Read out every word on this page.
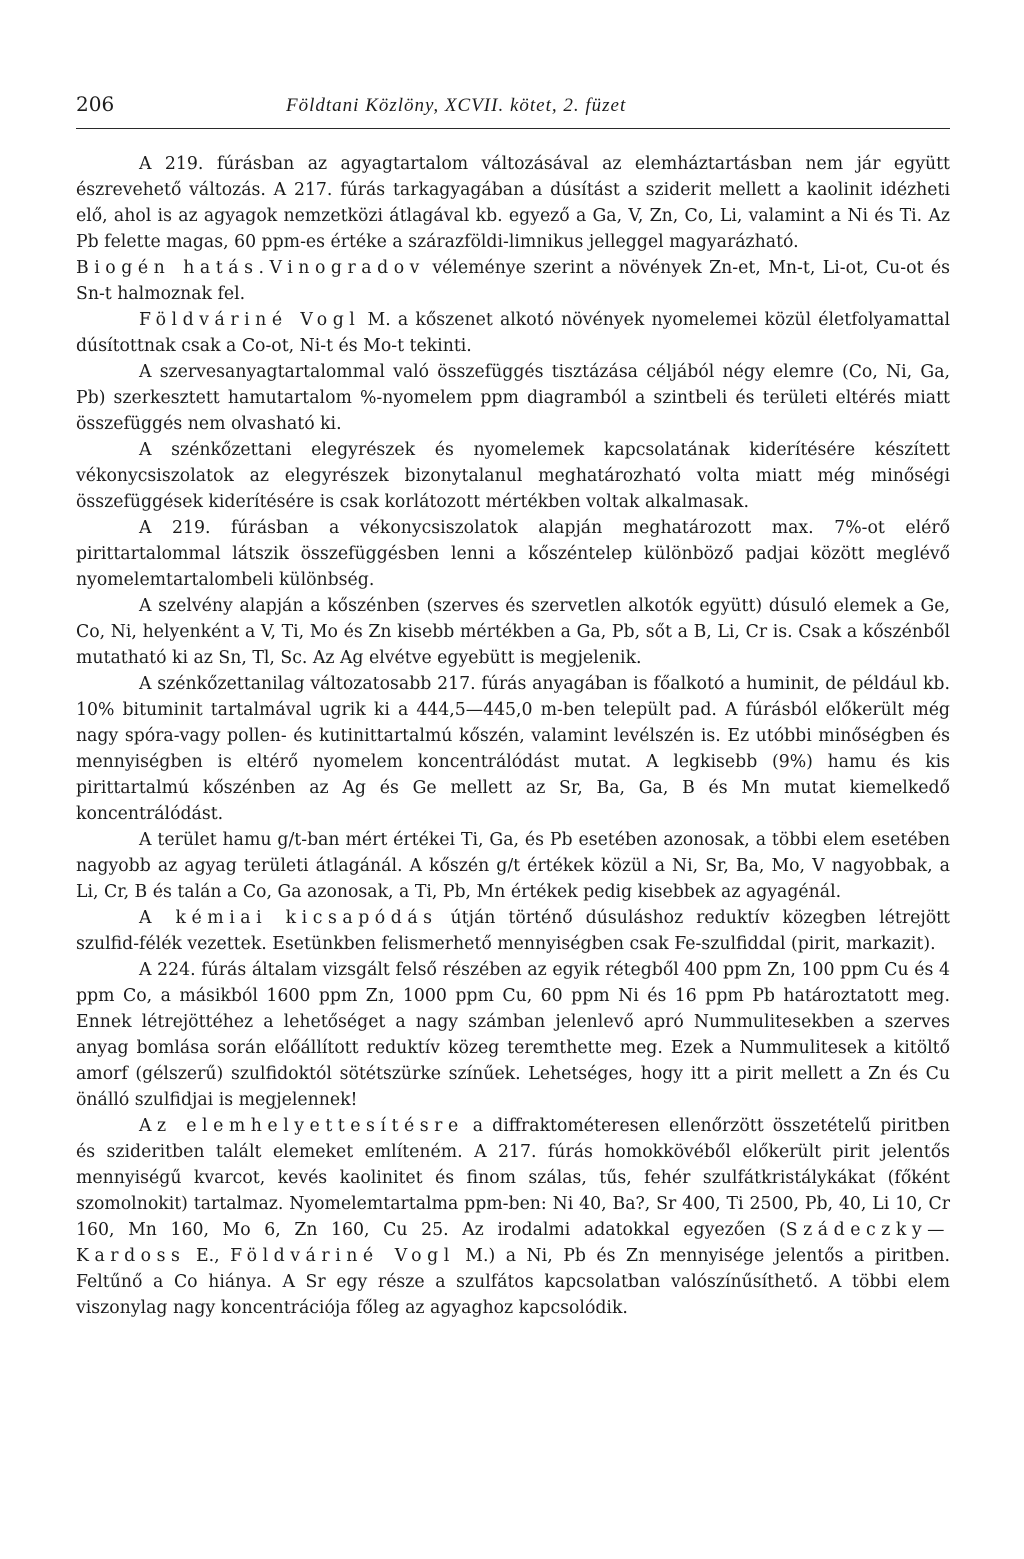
206	Földtani Közlöny, XCVII. kötet, 2. füzet

A 219. fúrásban az agyagtartalom változásával az elemháztartásban nem jár együtt észrevehető változás. A 217. fúrás tarkagyagában a dúsítást a sziderit mellett a kaolinit idézheti elő, ahol is az agyagok nemzetközi átlagával kb. egyező a Ga, V, Zn, Co, Li, valamint a Ni és Ti. Az Pb felette magas, 60 ppm-es értéke a szárazföldi-limnikus jelleggel magyarázható.

Biogén hatás.Vinogradov véleménye szerint a növények Zn-et, Mn-t, Li-ot, Cu-ot és Sn-t halmoznak fel.

Földváriné Vogl M. a kőszenet alkotó növények nyomelemei közül életfolyamattal dúsítottnak csak a Co-ot, Ni-t és Mo-t tekinti.

A szervesanyagtartalommal való összefüggés tisztázása céljából négy elemre (Co, Ni, Ga, Pb) szerkesztett hamutartalom %-nyomelem ppm diagramból a szintbeli és területi eltérés miatt összefüggés nem olvasható ki.

A szénkőzettani elegyrészek és nyomelemek kapcsolatának kiderítésére készített vékonycsiszolatok az elegyrészek bizonytalanul meghatározható volta miatt még minőségi összefüggések kiderítésére is csak korlátozott mértékben voltak alkalmasak.

A 219. fúrásban a vékonycsiszolatok alapján meghatározott max. 7%-ot elérő pirittartalommal látszik összefüggésben lenni a kőszéntelep különböző padjai között meglévő nyomelemtartalombeli különbség.

A szelvény alapján a kőszénben (szerves és szervetlen alkotók együtt) dúsuló elemek a Ge, Co, Ni, helyenként a V, Ti, Mo és Zn kisebb mértékben a Ga, Pb, sőt a B, Li, Cr is. Csak a kőszénből mutatható ki az Sn, Tl, Sc. Az Ag elvétve egyebütt is megjelenik.

A szénkőzettanilag változatosabb 217. fúrás anyagában is főalkotó a huminit, de például kb. 10% bituminit tartalmával ugrik ki a 444,5—445,0 m-ben települt pad. A fúrásból előkerült még nagy spóra-vagy pollen- és kutinittartalmú kőszén, valamint levélszén is. Ez utóbbi minőségben és mennyiségben is eltérő nyomelem koncentrálódást mutat. A legkisebb (9%) hamu és kis pirittartalmú kőszénben az Ag és Ge mellett az Sr, Ba, Ga, B és Mn mutat kiemelkedő koncentrálódást.

A terület hamu g/t-ban mért értékei Ti, Ga, és Pb esetében azonosak, a többi elem esetében nagyobb az agyag területi átlagánál. A kőszén g/t értékek közül a Ni, Sr, Ba, Mo, V nagyobbak, a Li, Cr, B és talán a Co, Ga azonosak, a Ti, Pb, Mn értékek pedig kisebbek az agyagénál.

A kémiai kicsapódás útján történő dúsuláshoz reduktív közegben létrejött szulfid-félék vezettek. Esetünkben felismerhető mennyiségben csak Fe-szulfiddal (pirit, markazit).

A 224. fúrás általam vizsgált felső részében az egyik rétegből 400 ppm Zn, 100 ppm Cu és 4 ppm Co, a másikból 1600 ppm Zn, 1000 ppm Cu, 60 ppm Ni és 16 ppm Pb határoztatott meg. Ennek létrejöttéhez a lehetőséget a nagy számban jelenlevő apró Nummulitesekben a szerves anyag bomlása során előállított reduktív közeg teremthette meg. Ezek a Nummulitesek a kitöltő amorf (gélszerű) szulfidoktól sötétszürke színűek. Lehetséges, hogy itt a pirit mellett a Zn és Cu önálló szulfidjai is megjelennek!

Az elemhelyettesítésre a diffraktométeresen ellenőrzött összetételű piritben és szideritben talált elemeket említeném. A 217. fúrás homokkövéből előkerült pirit jelentős mennyiségű kvarcot, kevés kaolinitet és finom szálas, tűs, fehér szulfátkristálykákat (főként szomolnokit) tartalmaz. Nyomelemtartalma ppm-ben: Ni 40, Ba?, Sr 400, Ti 2500, Pb, 40, Li 10, Cr 160, Mn 160, Mo 6, Zn 160, Cu 25. Az irodalmi adatokkal egyezően (Szádeczky—Kardoss E., Földváriné Vogl M.) a Ni, Pb és Zn mennyisége jelentős a piritben. Feltűnő a Co hiánya. A Sr egy része a szulfátos kapcsolatban valószínűsíthető. A többi elem viszonylag nagy koncentrációja főleg az agyaghoz kapcsolódik.
